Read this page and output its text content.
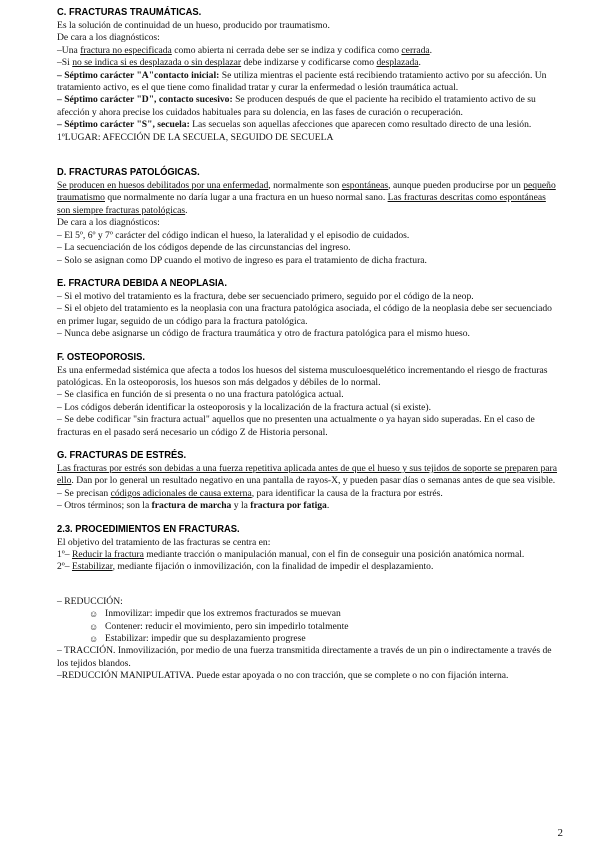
C. FRACTURAS TRAUMÁTICAS.

Es la solución de continuidad de un hueso, producido por traumatismo.

De cara a los diagnósticos:

–Una fractura no especificada como abierta ni cerrada debe ser se indiza y codifica como cerrada.

–Si no se indica si es desplazada o sin desplazar debe indizarse y codificarse como desplazada.

– Séptimo carácter "A"contacto inicial: Se utiliza mientras el paciente está recibiendo tratamiento activo por su afección. Un tratamiento activo, es el que tiene como finalidad tratar y curar la enfermedad o lesión traumática actual.

– Séptimo carácter "D", contacto sucesivo: Se producen después de que el paciente ha recibido el tratamiento activo de su afección y ahora precise los cuidados habituales para su dolencia, en las fases de curación o recuperación.

– Séptimo carácter "S", secuela: Las secuelas son aquellas afecciones que aparecen como resultado directo de una lesión. 1ºLUGAR: AFECCIÓN DE LA SECUELA, SEGUIDO DE SECUELA

D. FRACTURAS PATOLÓGICAS.

Se producen en huesos debilitados por una enfermedad, normalmente son espontáneas, aunque pueden producirse por un pequeño traumatismo que normalmente no daría lugar a una fractura en un hueso normal sano. Las fracturas descritas como espontáneas son siempre fracturas patológicas.

De cara a los diagnósticos:

– El 5º, 6º y 7º carácter del código indican el hueso, la lateralidad y el episodio de cuidados.

– La secuenciación de los códigos depende de las circunstancias del ingreso.

– Solo se asignan como DP cuando el motivo de ingreso es para el tratamiento de dicha fractura.

E. FRACTURA DEBIDA A NEOPLASIA.

– Si el motivo del tratamiento es la fractura, debe ser secuenciado primero, seguido por el código de la neop.

– Si el objeto del tratamiento es la neoplasia con una fractura patológica asociada, el código de la neoplasia debe ser secuenciado en primer lugar, seguido de un código para la fractura patológica.

– Nunca debe asignarse un código de fractura traumática y otro de fractura patológica para el mismo hueso.

F. OSTEOPOROSIS.

Es una enfermedad sistémica que afecta a todos los huesos del sistema musculoesquelético incrementando el riesgo de fracturas patológicas. En la osteoporosis, los huesos son más delgados y débiles de lo normal.

– Se clasifica en función de si presenta o no una fractura patológica actual.

– Los códigos deberán identificar la osteoporosis y la localización de la fractura actual (si existe).

– Se debe codificar "sin fractura actual" aquellos que no presenten una actualmente o ya hayan sido superadas. En el caso de fracturas en el pasado será necesario un código Z de Historia personal.

G. FRACTURAS DE ESTRÉS.

Las fracturas por estrés son debidas a una fuerza repetitiva aplicada antes de que el hueso y sus tejidos de soporte se preparen para ello. Dan por lo general un resultado negativo en una pantalla de rayos-X, y pueden pasar días o semanas antes de que sea visible.

– Se precisan códigos adicionales de causa externa, para identificar la causa de la fractura por estrés.

– Otros términos; son la fractura de marcha y la fractura por fatiga.

2.3. PROCEDIMIENTOS EN FRACTURAS.

El objetivo del tratamiento de las fracturas se centra en:

1º– Reducir la fractura mediante tracción o manipulación manual, con el fin de conseguir una posición anatómica normal.

2º– Estabilizar, mediante fijación o inmovilización, con la finalidad de impedir el desplazamiento.

– REDUCCIÓN:

☺ Inmovilizar: impedir que los extremos fracturados se muevan
☺ Contener: reducir el movimiento, pero sin impedirlo totalmente
☺ Estabilizar: impedir que su desplazamiento progrese

– TRACCIÓN. Inmovilización, por medio de una fuerza transmitida directamente a través de un pin o indirectamente a través de los tejidos blandos.

–REDUCCIÓN MANIPULATIVA. Puede estar apoyada o no con tracción, que se complete o no con fijación interna.

2
